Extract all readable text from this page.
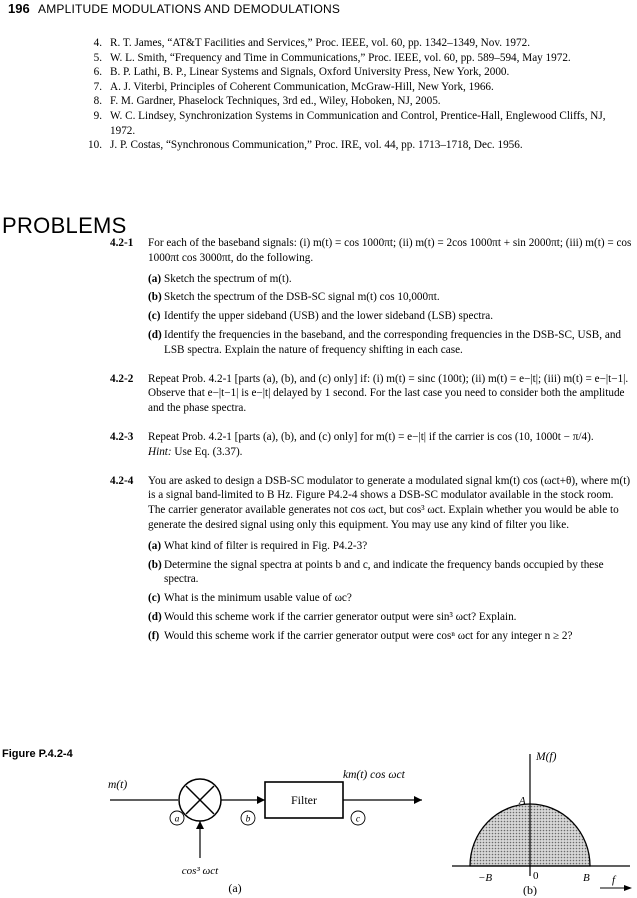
196 AMPLITUDE MODULATIONS AND DEMODULATIONS
4. R. T. James, “AT&T Facilities and Services,” Proc. IEEE, vol. 60, pp. 1342–1349, Nov. 1972.
5. W. L. Smith, “Frequency and Time in Communications,” Proc. IEEE, vol. 60, pp. 589–594, May 1972.
6. B. P. Lathi, B. P., Linear Systems and Signals, Oxford University Press, New York, 2000.
7. A. J. Viterbi, Principles of Coherent Communication, McGraw-Hill, New York, 1966.
8. F. M. Gardner, Phaselock Techniques, 3rd ed., Wiley, Hoboken, NJ, 2005.
9. W. C. Lindsey, Synchronization Systems in Communication and Control, Prentice-Hall, Englewood Cliffs, NJ, 1972.
10. J. P. Costas, “Synchronous Communication,” Proc. IRE, vol. 44, pp. 1713–1718, Dec. 1956.
PROBLEMS
4.2-1 For each of the baseband signals: (i) m(t) = cos 1000πt; (ii) m(t) = 2cos 1000πt + sin 2000πt; (iii) m(t) = cos 1000πt cos 3000πt, do the following.
(a) Sketch the spectrum of m(t).
(b) Sketch the spectrum of the DSB-SC signal m(t) cos 10,000πt.
(c) Identify the upper sideband (USB) and the lower sideband (LSB) spectra.
(d) Identify the frequencies in the baseband, and the corresponding frequencies in the DSB-SC, USB, and LSB spectra. Explain the nature of frequency shifting in each case.
4.2-2 Repeat Prob. 4.2-1 [parts (a), (b), and (c) only] if: (i) m(t) = sinc (100t); (ii) m(t) = e−|t|; (iii) m(t) = e−|t−1|. Observe that e−|t−1| is e−|t| delayed by 1 second. For the last case you need to consider both the amplitude and the phase spectra.
4.2-3 Repeat Prob. 4.2-1 [parts (a), (b), and (c) only] for m(t) = e−|t| if the carrier is cos (10, 1000t − π/4).
Hint: Use Eq. (3.37).
4.2-4 You are asked to design a DSB-SC modulator to generate a modulated signal km(t) cos (ωct+θ), where m(t) is a signal band-limited to B Hz. Figure P4.2-4 shows a DSB-SC modulator available in the stock room. The carrier generator available generates not cos ωct, but cos³ ωct. Explain whether you would be able to generate the desired signal using only this equipment. You may use any kind of filter you like.
(a) What kind of filter is required in Fig. P4.2-3?
(b) Determine the signal spectra at points b and c, and indicate the frequency bands occupied by these spectra.
(c) What is the minimum usable value of ωc?
(d) Would this scheme work if the carrier generator output were sin³ ωct? Explain.
(f) Would this scheme work if the carrier generator output were cosⁿ ωct for any integer n ≥ 2?
Figure P.4.2-4
m(t)
a	b	c
Filter
km(t) cos ωct
cos³ ωct
(a)
M(f)
A
−B	0	B f
(b)
